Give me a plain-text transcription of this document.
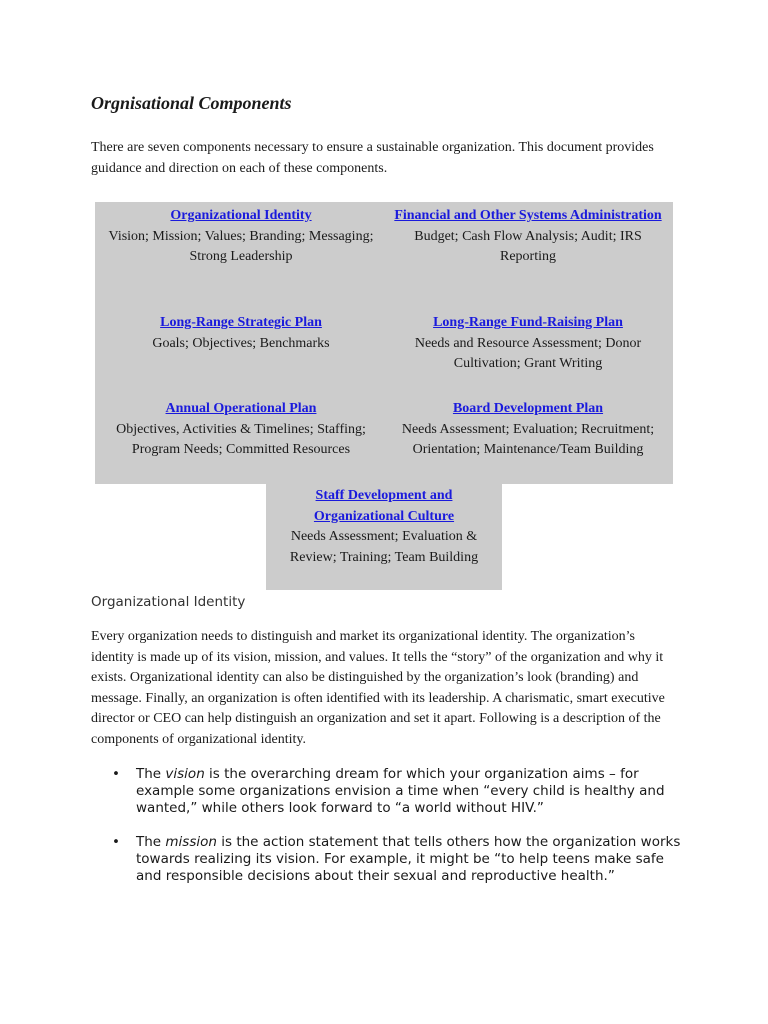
Orgnisational Components

There are seven components necessary to ensure a sustainable organization. This document provides guidance and direction on each of these components.

Organizational Identity
Vision; Mission; Values; Branding; Messaging; Strong Leadership
Financial and Other Systems Administration
Budget; Cash Flow Analysis; Audit; IRS Reporting
Long-Range Strategic Plan
Goals; Objectives; Benchmarks
Long-Range Fund-Raising Plan
Needs and Resource Assessment; Donor Cultivation; Grant Writing
Annual Operational Plan
Objectives, Activities & Timelines; Staffing; Program Needs; Committed Resources
Board Development Plan
Needs Assessment; Evaluation; Recruitment; Orientation; Maintenance/Team Building
Staff Development and Organizational Culture
Needs Assessment; Evaluation & Review; Training; Team Building
Organizational Identity

Every organization needs to distinguish and market its organizational identity. The organization’s identity is made up of its vision, mission, and values. It tells the “story” of the organization and why it exists. Organizational identity can also be distinguished by the organization’s look (branding) and message. Finally, an organization is often identified with its leadership. A charismatic, smart executive director or CEO can help distinguish an organization and set it apart. Following is a description of the components of organizational identity.

• The vision is the overarching dream for which your organization aims – for example some organizations envision a time when “every child is healthy and wanted,” while others look forward to “a world without HIV.”
• The mission is the action statement that tells others how the organization works towards realizing its vision. For example, it might be “to help teens make safe and responsible decisions about their sexual and reproductive health.”
